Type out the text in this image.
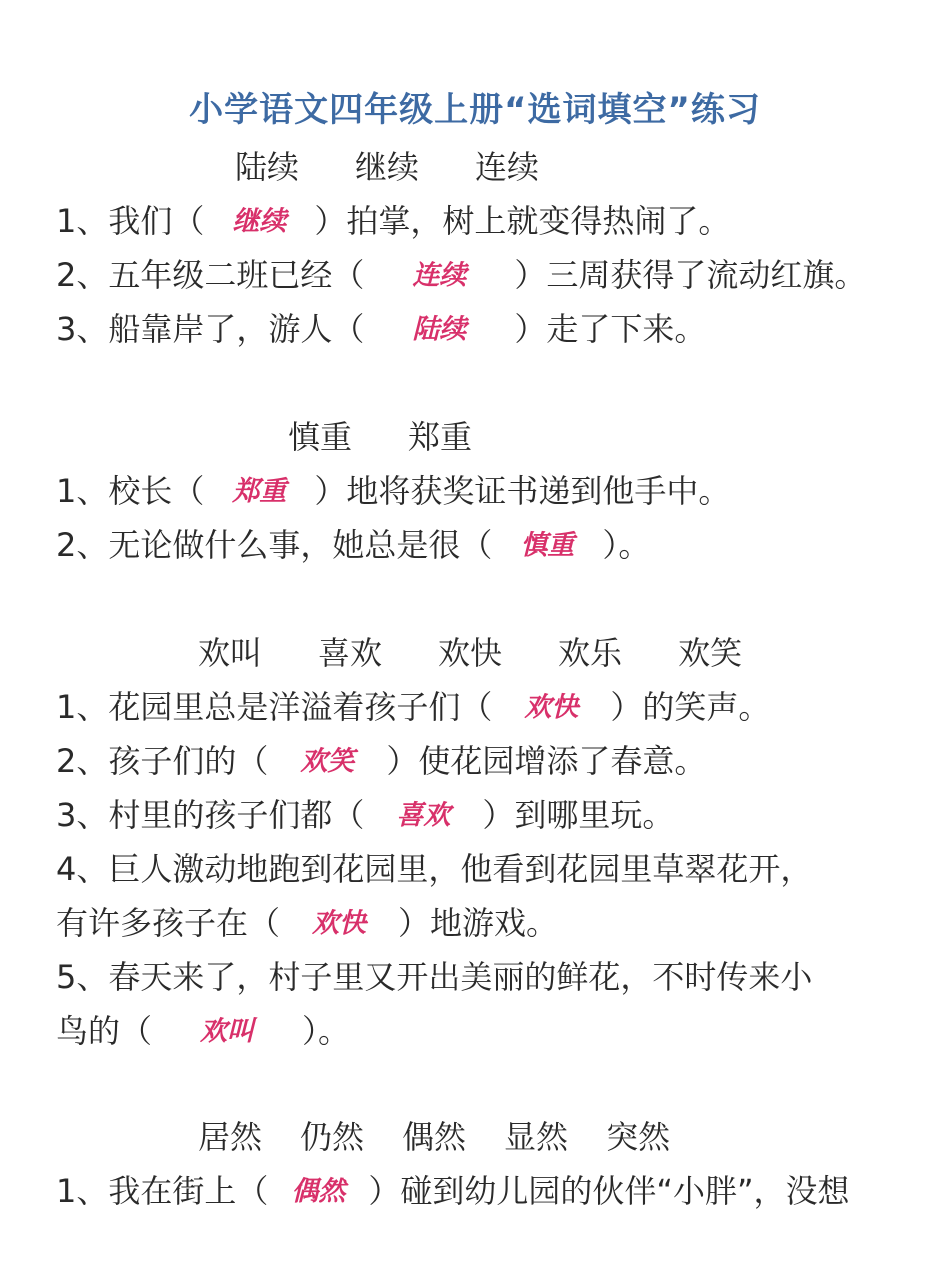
小学语文四年级上册“选词填空”练习
陆续 继续 连续
1、我们（ 继续 ）拍掌，树上就变得热闹了。
2、五年级二班已经（ 连续 ）三周获得了流动红旗。
3、船靠岸了，游人（ 陆续 ）走了下来。
慎重 郑重
1、校长（ 郑重 ）地将获奖证书递到他手中。
2、无论做什么事，她总是很（ 慎重 ）。
欢叫 喜欢 欢快 欢乐 欢笑
1、花园里总是洋溢着孩子们（ 欢快 ）的笑声。
2、孩子们的（ 欢笑 ）使花园增添了春意。
3、村里的孩子们都（ 喜欢 ）到哪里玩。
4、巨人激动地跑到花园里，他看到花园里草翠花开，
有许多孩子在（ 欢快 ）地游戏。
5、春天来了，村子里又开出美丽的鲜花，不时传来小
鸟的（ 欢叫 ）。
居然 仍然 偶然 显然 突然
1、我在街上（ 偶然 ）碰到幼儿园的伙伴“小胖”，没想
